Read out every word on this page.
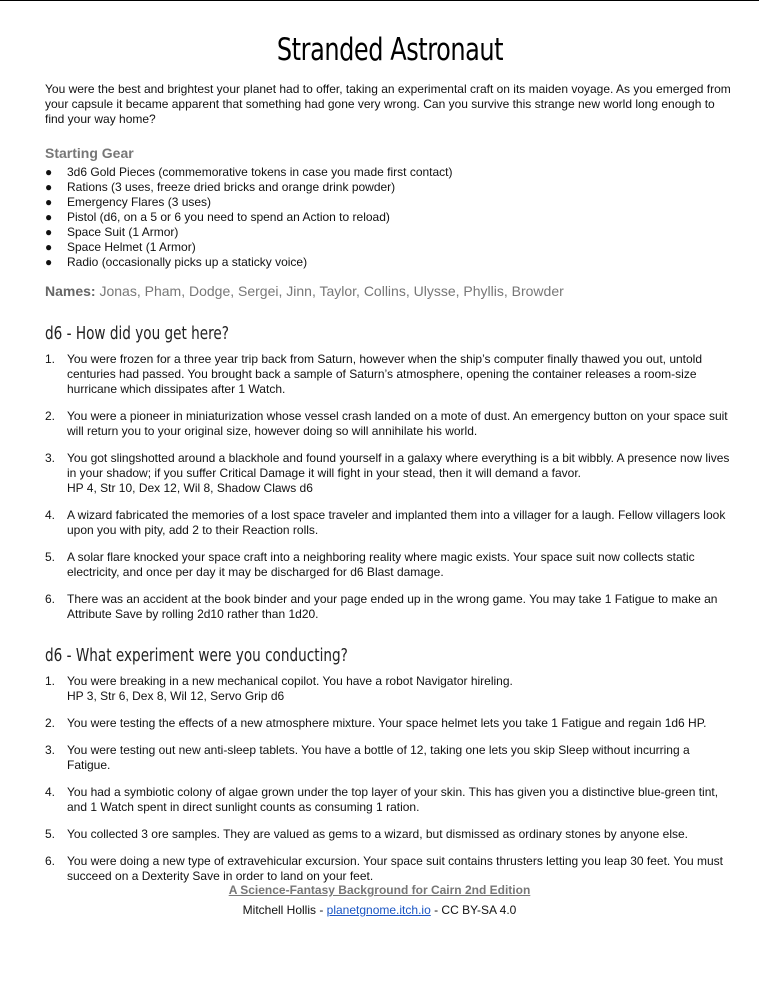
Stranded Astronaut

You were the best and brightest your planet had to offer, taking an experimental craft on its maiden voyage. As you emerged from your capsule it became apparent that something had gone very wrong. Can you survive this strange new world long enough to find your way home?

Starting Gear
● 3d6 Gold Pieces (commemorative tokens in case you made first contact)
● Rations (3 uses, freeze dried bricks and orange drink powder)
● Emergency Flares (3 uses)
● Pistol (d6, on a 5 or 6 you need to spend an Action to reload)
● Space Suit (1 Armor)
● Space Helmet (1 Armor)
● Radio (occasionally picks up a staticky voice)
Names: Jonas, Pham, Dodge, Sergei, Jinn, Taylor, Collins, Ulysse, Phyllis, Browder
d6 - How did you get here?
1. You were frozen for a three year trip back from Saturn, however when the ship’s computer finally thawed you out, untold centuries had passed. You brought back a sample of Saturn’s atmosphere, opening the container releases a room-size hurricane which dissipates after 1 Watch.
2. You were a pioneer in miniaturization whose vessel crash landed on a mote of dust. An emergency button on your space suit will return you to your original size, however doing so will annihilate his world.
3. You got slingshotted around a blackhole and found yourself in a galaxy where everything is a bit wibbly. A presence now lives in your shadow; if you suffer Critical Damage it will fight in your stead, then it will demand a favor.
HP 4, Str 10, Dex 12, Wil 8, Shadow Claws d6
4. A wizard fabricated the memories of a lost space traveler and implanted them into a villager for a laugh. Fellow villagers look upon you with pity, add 2 to their Reaction rolls.
5. A solar flare knocked your space craft into a neighboring reality where magic exists. Your space suit now collects static electricity, and once per day it may be discharged for d6 Blast damage.
6. There was an accident at the book binder and your page ended up in the wrong game. You may take 1 Fatigue to make an Attribute Save by rolling 2d10 rather than 1d20.
d6 - What experiment were you conducting?
1. You were breaking in a new mechanical copilot. You have a robot Navigator hireling.
HP 3, Str 6, Dex 8, Wil 12, Servo Grip d6
2. You were testing the effects of a new atmosphere mixture. Your space helmet lets you take 1 Fatigue and regain 1d6 HP.
3. You were testing out new anti-sleep tablets. You have a bottle of 12, taking one lets you skip Sleep without incurring a Fatigue.
4. You had a symbiotic colony of algae grown under the top layer of your skin. This has given you a distinctive blue-green tint, and 1 Watch spent in direct sunlight counts as consuming 1 ration.
5. You collected 3 ore samples. They are valued as gems to a wizard, but dismissed as ordinary stones by anyone else.
6. You were doing a new type of extravehicular excursion. Your space suit contains thrusters letting you leap 30 feet. You must succeed on a Dexterity Save in order to land on your feet.
A Science-Fantasy Background for Cairn 2nd Edition
Mitchell Hollis - planetgnome.itch.io - CC BY-SA 4.0
